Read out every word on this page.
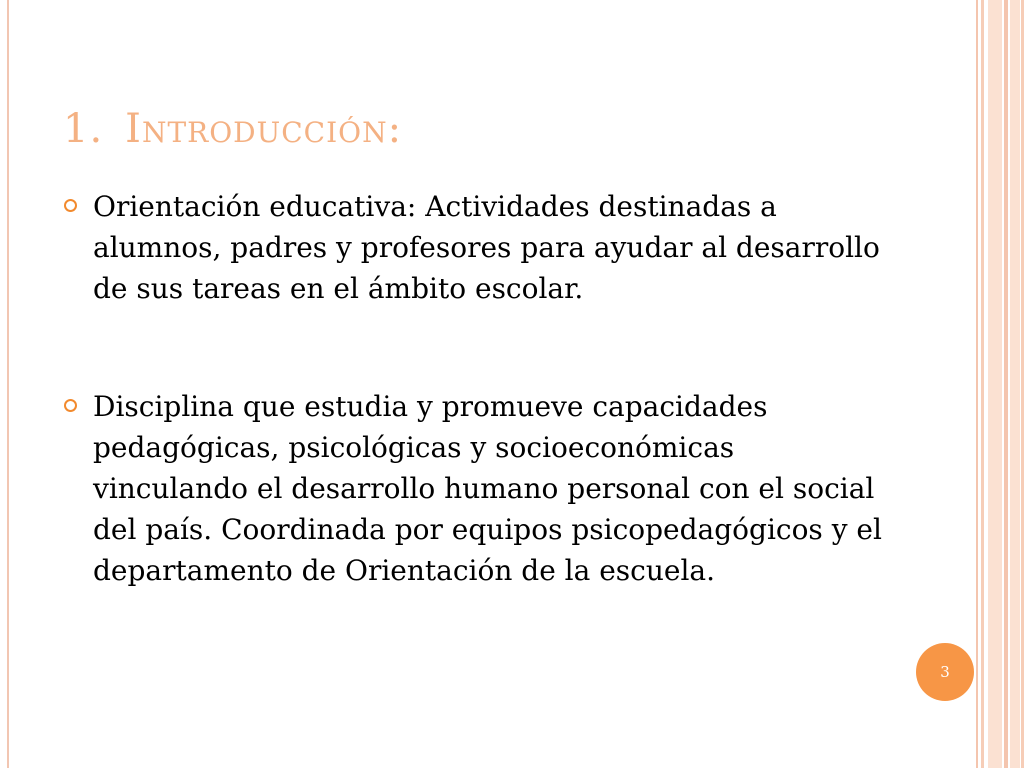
1. Introducción:
Orientación educativa: Actividades destinadas a alumnos, padres y profesores para ayudar al desarrollo de sus tareas en el ámbito escolar.
Disciplina que estudia y promueve capacidades pedagógicas, psicológicas y socioeconómicas vinculando el desarrollo humano personal con el social del país. Coordinada por equipos psicopedagógicos y el departamento de Orientación de la escuela.
3
